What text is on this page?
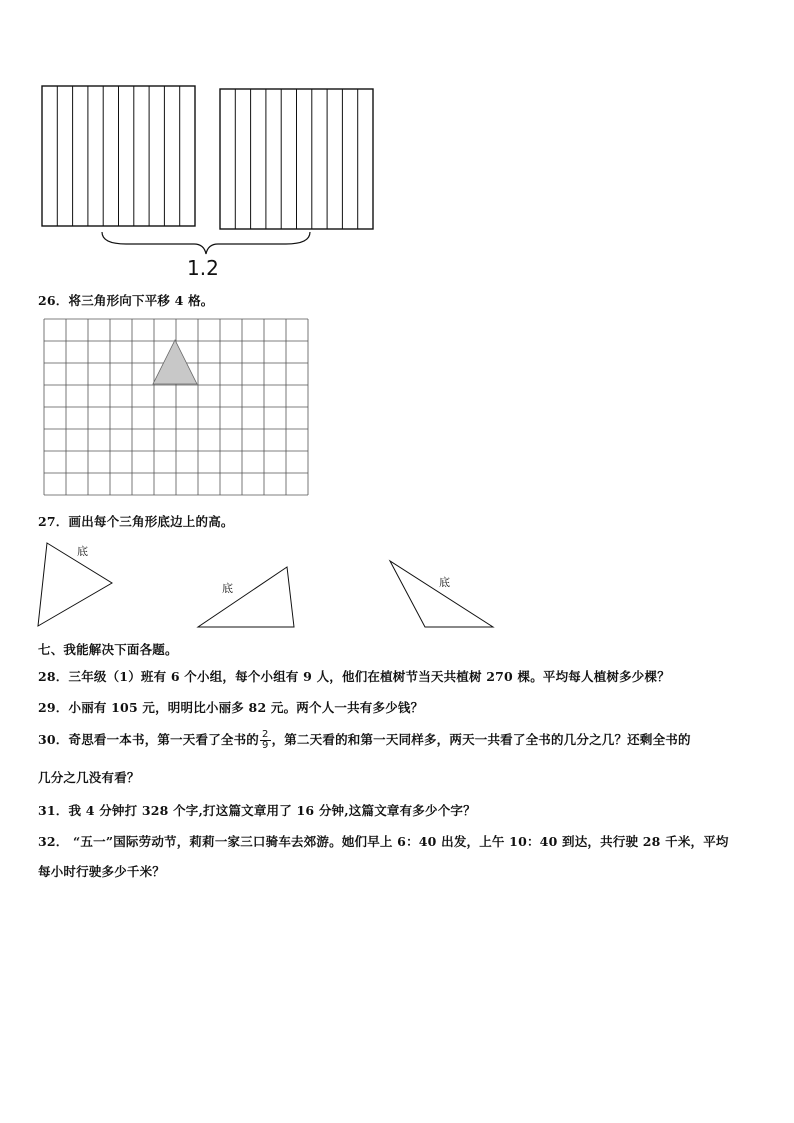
1.2
26．将三角形向下平移 4 格。
27．画出每个三角形底边上的高。
底
底	底
七、我能解决下面各题。
28．三年级（1）班有 6 个小组，每个小组有 9 人，他们在植树节当天共植树 270 棵。平均每人植树多少棵？
29．小丽有 105 元，明明比小丽多 82 元。两个人一共有多少钱？
30．奇思看一本书，第一天看了全书的 $\frac{2}{9}$ ，第二天看的和第一天同样多，两天一共看了全书的几分之几？还剩全书的
几分之几没有看？
31．我 4 分钟打 328 个字,打这篇文章用了 16 分钟,这篇文章有多少个字？
32． “五一”国际劳动节，莉莉一家三口骑车去郊游。她们早上 6：40 出发，上午 10：40 到达，共行驶 28 千米，平均
每小时行驶多少千米？
